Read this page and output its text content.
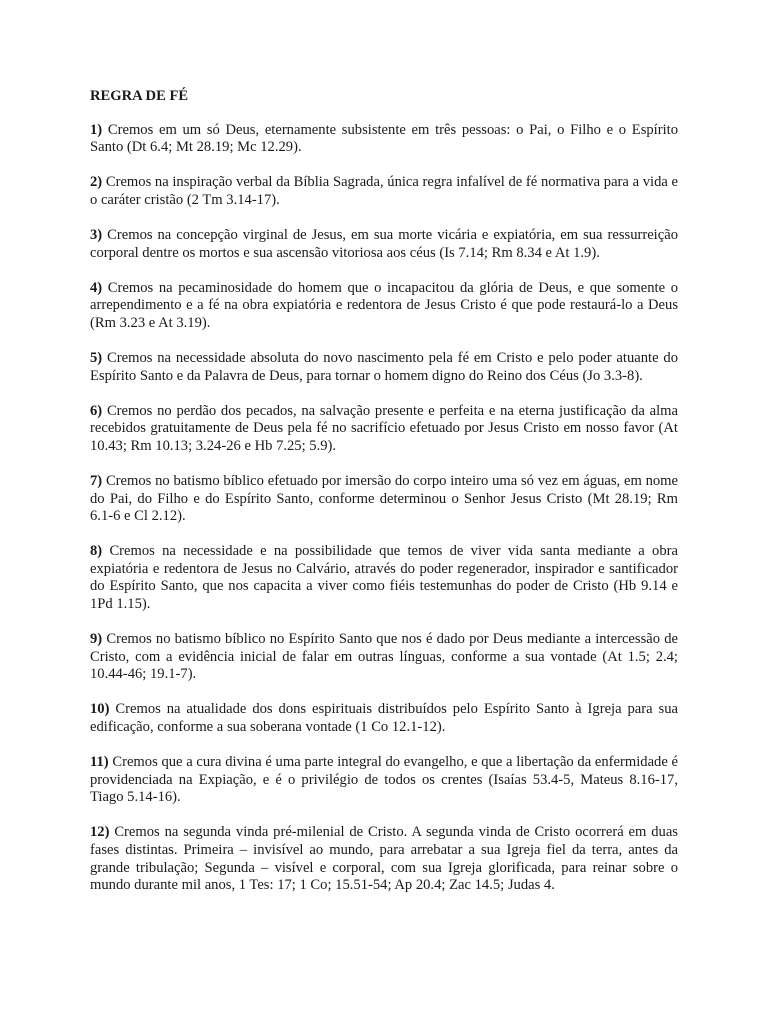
REGRA DE FÉ

1) Cremos em um só Deus, eternamente subsistente em três pessoas: o Pai, o Filho e o Espírito Santo (Dt 6.4; Mt 28.19; Mc 12.29).

2) Cremos na inspiração verbal da Bíblia Sagrada, única regra infalível de fé normativa para a vida e o caráter cristão (2 Tm 3.14-17).

3) Cremos na concepção virginal de Jesus, em sua morte vicária e expiatória, em sua ressurreição corporal dentre os mortos e sua ascensão vitoriosa aos céus (Is 7.14; Rm 8.34 e At 1.9).

4) Cremos na pecaminosidade do homem que o incapacitou da glória de Deus, e que somente o arrependimento e a fé na obra expiatória e redentora de Jesus Cristo é que pode restaurá-lo a Deus (Rm 3.23 e At 3.19).

5) Cremos na necessidade absoluta do novo nascimento pela fé em Cristo e pelo poder atuante do Espírito Santo e da Palavra de Deus, para tornar o homem digno do Reino dos Céus (Jo 3.3-8).

6) Cremos no perdão dos pecados, na salvação presente e perfeita e na eterna justificação da alma recebidos gratuitamente de Deus pela fé no sacrifício efetuado por Jesus Cristo em nosso favor (At 10.43; Rm 10.13; 3.24-26 e Hb 7.25; 5.9).

7) Cremos no batismo bíblico efetuado por imersão do corpo inteiro uma só vez em águas, em nome do Pai, do Filho e do Espírito Santo, conforme determinou o Senhor Jesus Cristo (Mt 28.19; Rm 6.1-6 e Cl 2.12).

8) Cremos na necessidade e na possibilidade que temos de viver vida santa mediante a obra expiatória e redentora de Jesus no Calvário, através do poder regenerador, inspirador e santificador do Espírito Santo, que nos capacita a viver como fiéis testemunhas do poder de Cristo (Hb 9.14 e 1Pd 1.15).

9) Cremos no batismo bíblico no Espírito Santo que nos é dado por Deus mediante a intercessão de Cristo, com a evidência inicial de falar em outras línguas, conforme a sua vontade (At 1.5; 2.4; 10.44-46; 19.1-7).

10) Cremos na atualidade dos dons espirituais distribuídos pelo Espírito Santo à Igreja para sua edificação, conforme a sua soberana vontade (1 Co 12.1-12).

11) Cremos que a cura divina é uma parte integral do evangelho, e que a libertação da enfermidade é providenciada na Expiação, e é o privilégio de todos os crentes (Isaías 53.4-5, Mateus 8.16-17, Tiago 5.14-16).

12) Cremos na segunda vinda pré-milenial de Cristo. A segunda vinda de Cristo ocorrerá em duas fases distintas. Primeira – invisível ao mundo, para arrebatar a sua Igreja fiel da terra, antes da grande tribulação; Segunda – visível e corporal, com sua Igreja glorificada, para reinar sobre o mundo durante mil anos, 1 Tes: 17; 1 Co; 15.51-54; Ap 20.4; Zac 14.5; Judas 4.
